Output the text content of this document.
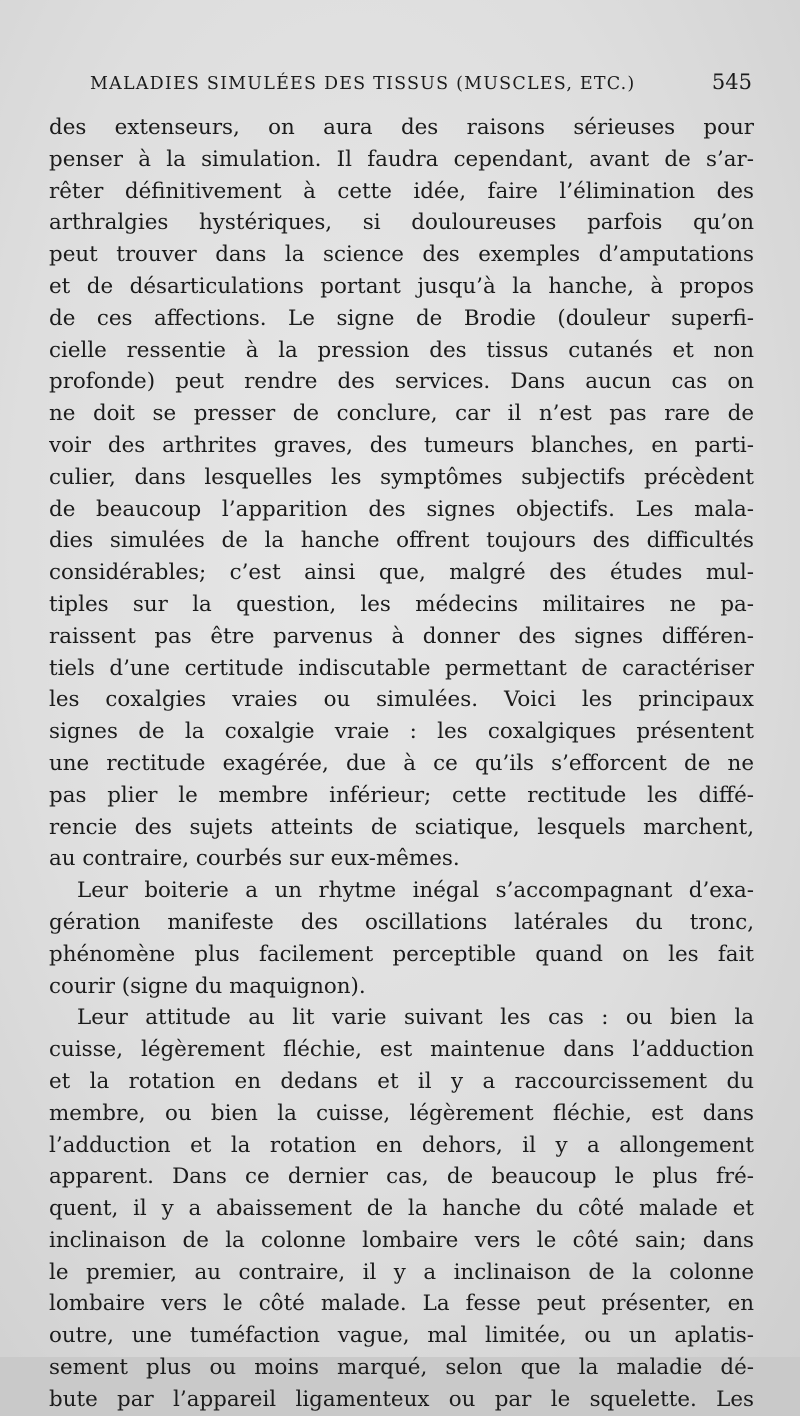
MALADIES SIMULÉES DES TISSUS (MUSCLES, ETC.)	545
des extenseurs, on aura des raisons sérieuses pour
penser à la simulation. Il faudra cependant, avant de s’ar-
rêter définitivement à cette idée, faire l’élimination des
arthralgies hystériques, si douloureuses parfois qu’on
peut trouver dans la science des exemples d’amputations
et de désarticulations portant jusqu’à la hanche, à propos
de ces affections. Le signe de Brodie (douleur superfi-
cielle ressentie à la pression des tissus cutanés et non
profonde) peut rendre des services. Dans aucun cas on
ne doit se presser de conclure, car il n’est pas rare de
voir des arthrites graves, des tumeurs blanches, en parti-
culier, dans lesquelles les symptômes subjectifs précèdent
de beaucoup l’apparition des signes objectifs. Les mala-
dies simulées de la hanche offrent toujours des difficultés
considérables; c’est ainsi que, malgré des études mul-
tiples sur la question, les médecins militaires ne pa-
raissent pas être parvenus à donner des signes différen-
tiels d’une certitude indiscutable permettant de caractériser
les coxalgies vraies ou simulées. Voici les principaux
signes de la coxalgie vraie : les coxalgiques présentent
une rectitude exagérée, due à ce qu’ils s’efforcent de ne
pas plier le membre inférieur; cette rectitude les diffé-
rencie des sujets atteints de sciatique, lesquels marchent,
au contraire, courbés sur eux-mêmes.
Leur boiterie a un rhytme inégal s’accompagnant d’exa-
gération manifeste des oscillations latérales du tronc,
phénomène plus facilement perceptible quand on les fait
courir (signe du maquignon).
Leur attitude au lit varie suivant les cas : ou bien la
cuisse, légèrement fléchie, est maintenue dans l’adduction
et la rotation en dedans et il y a raccourcissement du
membre, ou bien la cuisse, légèrement fléchie, est dans
l’adduction et la rotation en dehors, il y a allongement
apparent. Dans ce dernier cas, de beaucoup le plus fré-
quent, il y a abaissement de la hanche du côté malade et
inclinaison de la colonne lombaire vers le côté sain; dans
le premier, au contraire, il y a inclinaison de la colonne
lombaire vers le côté malade. La fesse peut présenter, en
outre, une tuméfaction vague, mal limitée, ou un aplatis-
sement plus ou moins marqué, selon que la maladie dé-
bute par l’appareil ligamenteux ou par le squelette. Les
